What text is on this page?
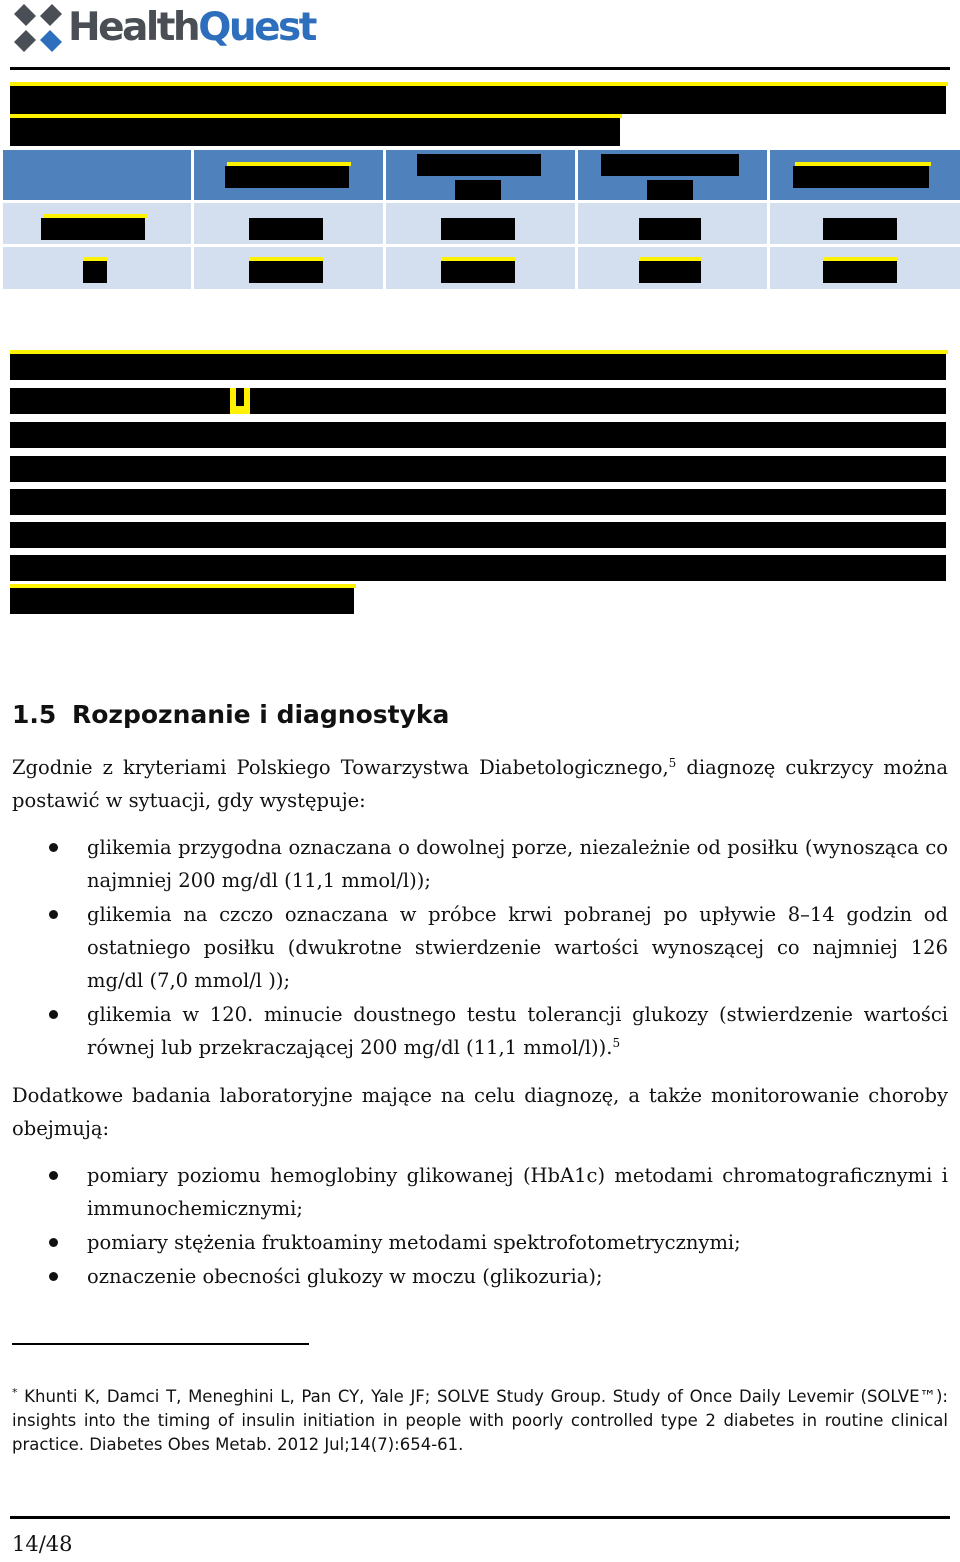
HealthQuest
1.5 Rozpoznanie i diagnostyka
Zgodnie z kryteriami Polskiego Towarzystwa Diabetologicznego,$^5$ diagnozę cukrzycy można postawić w sytuacji, gdy występuje:
glikemia przygodna oznaczana o dowolnej porze, niezależnie od posiłku (wynosząca co najmniej 200 mg/dl (11,1 mmol/l));
glikemia na czczo oznaczana w próbce krwi pobranej po upływie 8–14 godzin od ostatniego posiłku (dwukrotne stwierdzenie wartości wynoszącej co najmniej 126 mg/dl (7,0 mmol/l ));
glikemia w 120. minucie doustnego testu tolerancji glukozy (stwierdzenie wartości równej lub przekraczającej 200 mg/dl (11,1 mmol/l)).$^5$
Dodatkowe badania laboratoryjne mające na celu diagnozę, a także monitorowanie choroby obejmują:
pomiary poziomu hemoglobiny glikowanej (HbA1c) metodami chromatograficznymi i immunochemicznymi;
pomiary stężenia fruktoaminy metodami spektrofotometrycznymi;
oznaczenie obecności glukozy w moczu (glikozuria);
* Khunti K, Damci T, Meneghini L, Pan CY, Yale JF; SOLVE Study Group. Study of Once Daily Levemir (SOLVE™): insights into the timing of insulin initiation in people with poorly controlled type 2 diabetes in routine clinical practice. Diabetes Obes Metab. 2012 Jul;14(7):654-61.
14/48
